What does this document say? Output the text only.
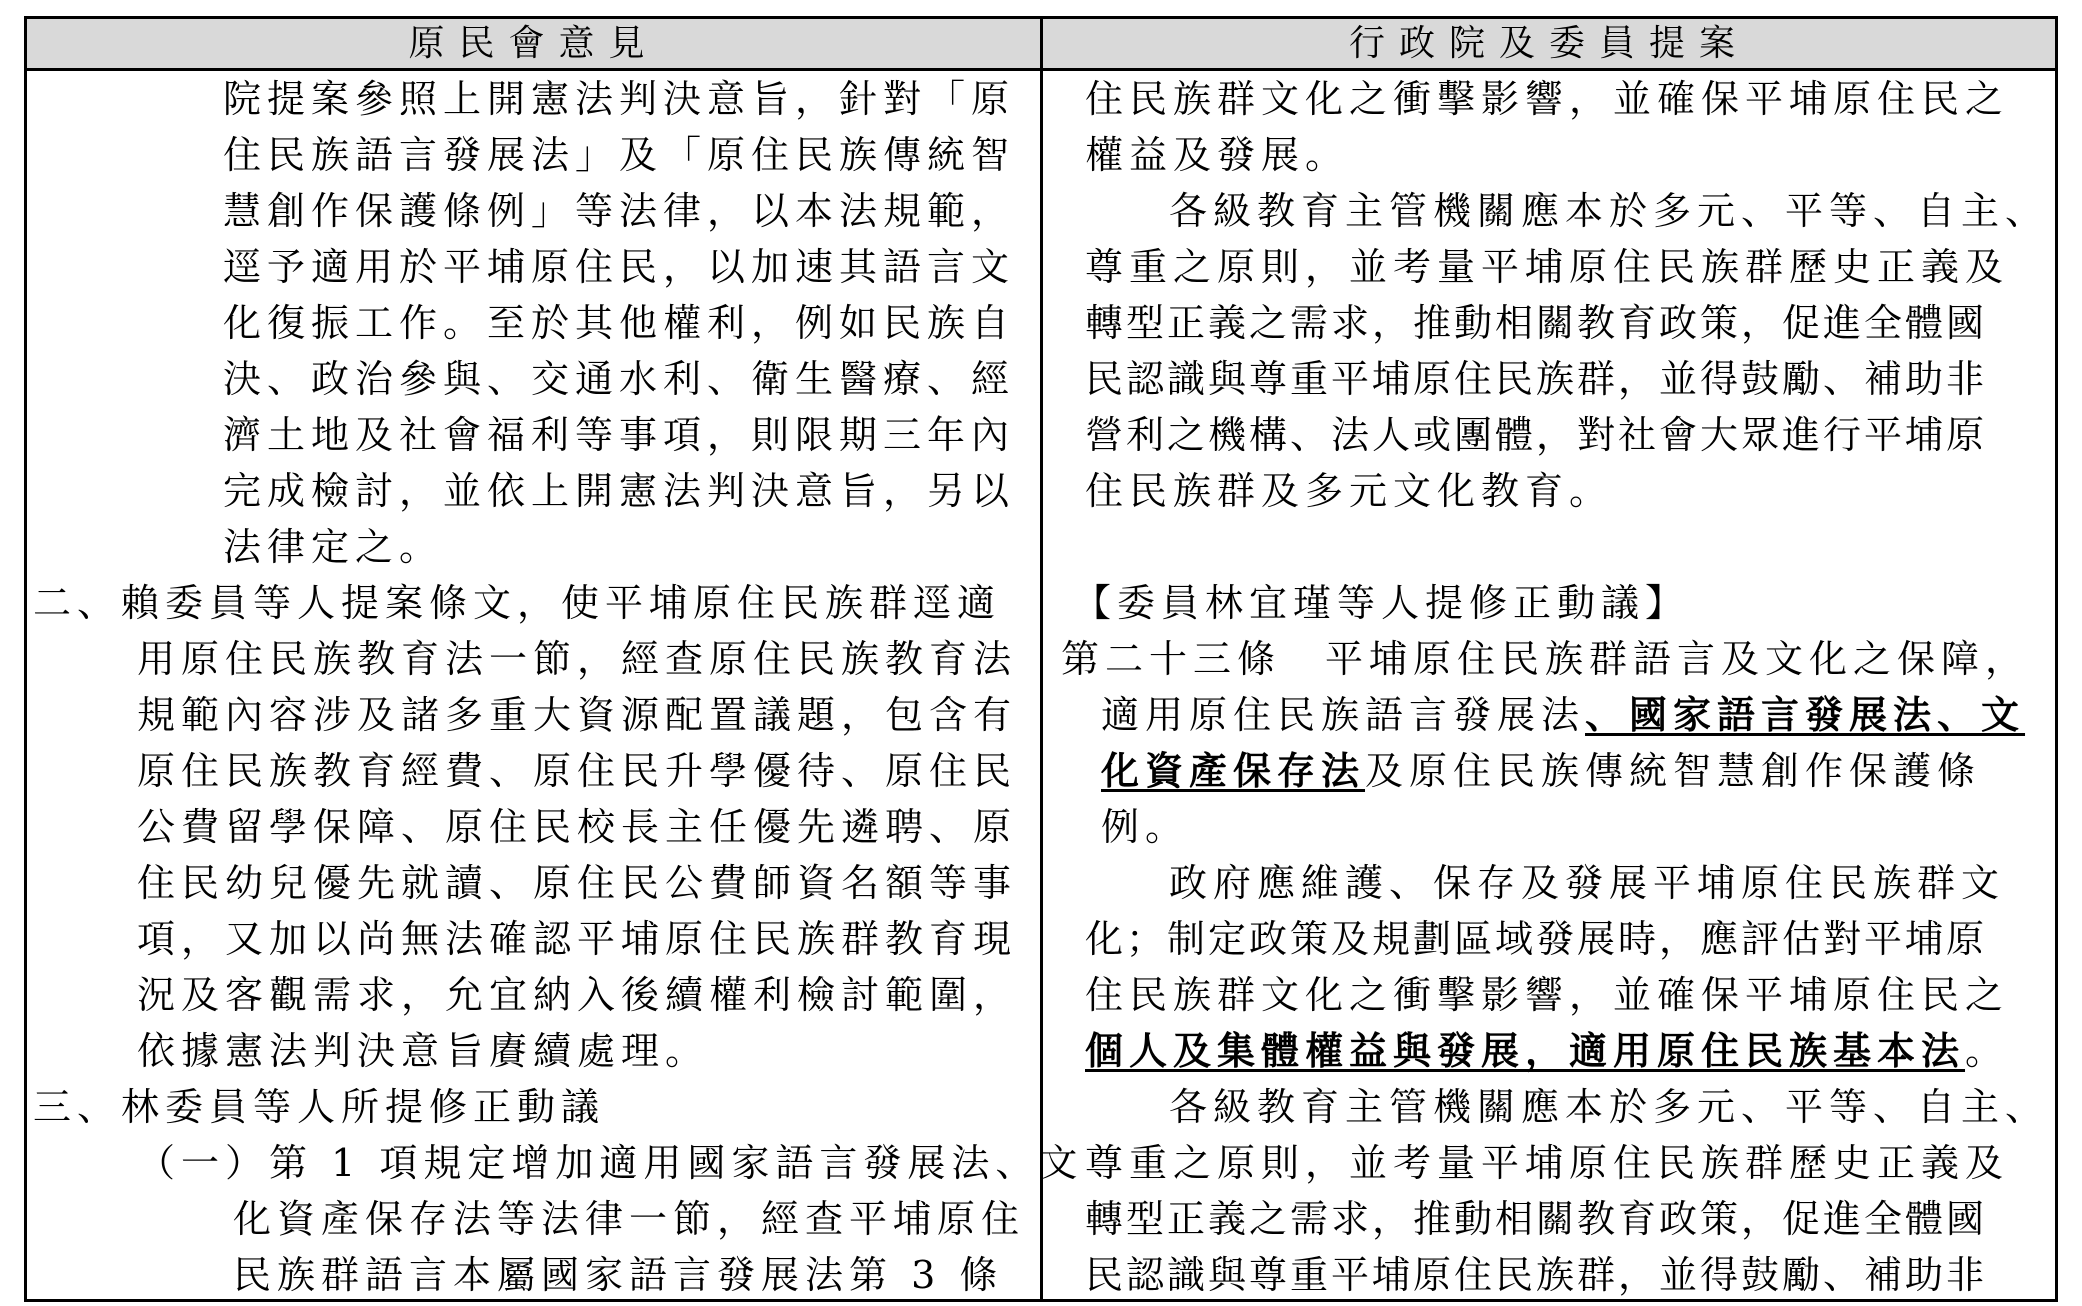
原民會意見	行政院及委員提案
院提案參照上開憲法判決意旨，針對「原
住民族語言發展法」及「原住民族傳統智
慧創作保護條例」等法律，以本法規範，
逕予適用於平埔原住民，以加速其語言文
化復振工作。至於其他權利，例如民族自
決、政治參與、交通水利、衛生醫療、經
濟土地及社會福利等事項，則限期三年內
完成檢討，並依上開憲法判決意旨，另以
法律定之。
二、賴委員等人提案條文，使平埔原住民族群逕適
用原住民族教育法一節，經查原住民族教育法
規範內容涉及諸多重大資源配置議題，包含有
原住民族教育經費、原住民升學優待、原住民
公費留學保障、原住民校長主任優先遴聘、原
住民幼兒優先就讀、原住民公費師資名額等事
項，又加以尚無法確認平埔原住民族群教育現
況及客觀需求，允宜納入後續權利檢討範圍，
依據憲法判決意旨賡續處理。
三、林委員等人所提修正動議
（一）第 1 項規定增加適用國家語言發展法、文
化資產保存法等法律一節，經查平埔原住
民族群語言本屬國家語言發展法第 3 條
住民族群文化之衝擊影響，並確保平埔原住民之
權益及發展。
各級教育主管機關應本於多元、平等、自主、
尊重之原則，並考量平埔原住民族群歷史正義及
轉型正義之需求，推動相關教育政策，促進全體國
民認識與尊重平埔原住民族群，並得鼓勵、補助非
營利之機構、法人或團體，對社會大眾進行平埔原
住民族群及多元文化教育。
【委員林宜瑾等人提修正動議】
第二十三條　平埔原住民族群語言及文化之保障，
適用原住民族語言發展法、國家語言發展法、文
化資產保存法及原住民族傳統智慧創作保護條
例。
政府應維護、保存及發展平埔原住民族群文
化；制定政策及規劃區域發展時，應評估對平埔原
住民族群文化之衝擊影響，並確保平埔原住民之
個人及集體權益與發展，適用原住民族基本法。
各級教育主管機關應本於多元、平等、自主、
尊重之原則，並考量平埔原住民族群歷史正義及
轉型正義之需求，推動相關教育政策，促進全體國
民認識與尊重平埔原住民族群，並得鼓勵、補助非
